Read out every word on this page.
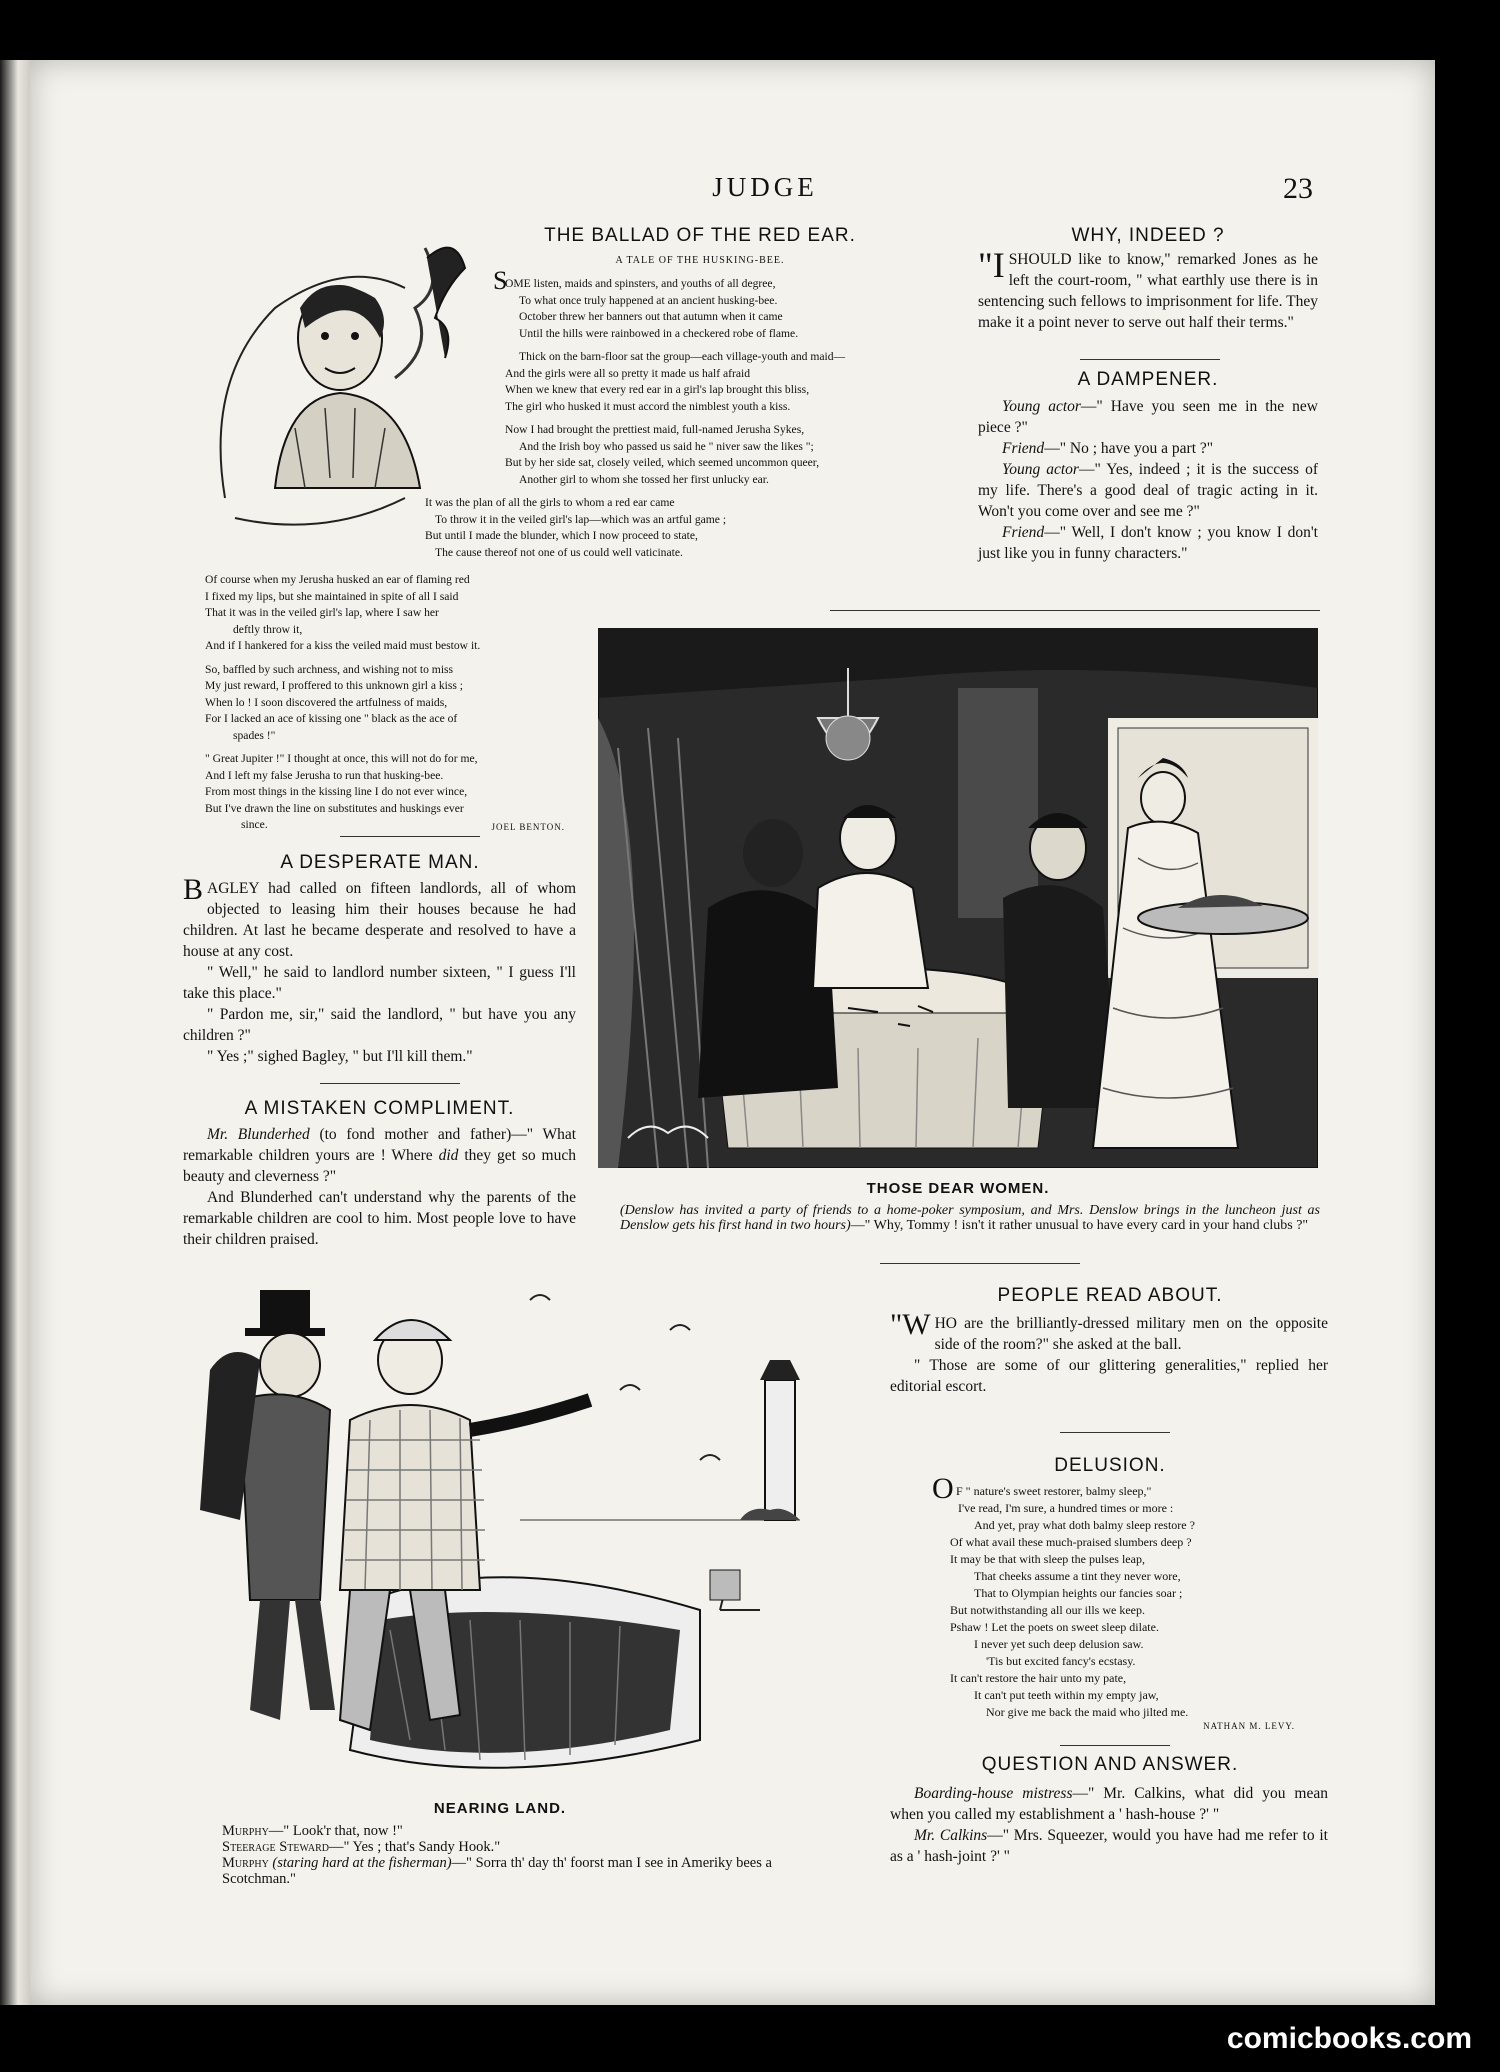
JUDGE	23
THE BALLAD OF THE RED EAR.
A TALE OF THE HUSKING-BEE.
S
OME listen, maids and spinsters, and youths of all degree,
To what once truly happened at an ancient husking-bee.
October threw her banners out that autumn when it came
Until the hills were rainbowed in a checkered robe of flame.
Thick on the barn-floor sat the group—each village-youth and maid—
And the girls were all so pretty it made us half afraid
When we knew that every red ear in a girl's lap brought this bliss,
The girl who husked it must accord the nimblest youth a kiss.
Now I had brought the prettiest maid, full-named Jerusha Sykes,
And the Irish boy who passed us said he " niver saw the likes ";
But by her side sat, closely veiled, which seemed uncommon queer,
Another girl to whom she tossed her first unlucky ear.
It was the plan of all the girls to whom a red ear came
To throw it in the veiled girl's lap—which was an artful game ;
But until I made the blunder, which I now proceed to state,
The cause thereof not one of us could well vaticinate.
Of course when my Jerusha husked an ear of flaming red
I fixed my lips, but she maintained in spite of all I said
That it was in the veiled girl's lap, where I saw her
deftly throw it,
And if I hankered for a kiss the veiled maid must bestow it.
So, baffled by such archness, and wishing not to miss
My just reward, I proffered to this unknown girl a kiss ;
When lo ! I soon discovered the artfulness of maids,
For I lacked an ace of kissing one " black as the ace of
spades !"
" Great Jupiter !" I thought at once, this will not do for me,
And I left my false Jerusha to run that husking-bee.
From most things in the kissing line I do not ever wince,
But I've drawn the line on substitutes and huskings ever
since.	JOEL BENTON.
WHY, INDEED ?

"ISHOULD like to know," remarked Jones as he left the court-room, " what earthly use there is in sentencing such fellows to imprisonment for life. They make it a point never to serve out half their terms."

A DAMPENER.

Young actor—" Have you seen me in the new piece ?"

Friend—" No ; have you a part ?"

Young actor—" Yes, indeed ; it is the success of my life. There's a good deal of tragic acting in it. Won't you come over and see me ?"

Friend—" Well, I don't know ; you know I don't just like you in funny characters."

THOSE DEAR WOMEN.
(Denslow has invited a party of friends to a home-poker symposium, and Mrs. Denslow brings in the luncheon just as Denslow gets his first hand in two hours)—" Why, Tommy ! isn't it rather unusual to have every card in your hand clubs ?"
A DESPERATE MAN.

BAGLEY had called on fifteen landlords, all of whom objected to leasing him their houses because he had children. At last he became desperate and resolved to have a house at any cost.

" Well," he said to landlord number sixteen, " I guess I'll take this place."

" Pardon me, sir," said the landlord, " but have you any children ?"

" Yes ;" sighed Bagley, " but I'll kill them."

A MISTAKEN COMPLIMENT.

Mr. Blunderhed (to fond mother and father)—" What remarkable children yours are ! Where did they get so much beauty and cleverness ?"

And Blunderhed can't understand why the parents of the remarkable children are cool to him. Most people love to have their children praised.

NEARING LAND.
Murphy—" Look'r that, now !"
Steerage Steward—" Yes ; that's Sandy Hook."
Murphy (staring hard at the fisherman)—" Sorra th' day th' foorst man I see in Ameriky bees a Scotchman."
PEOPLE READ ABOUT.

"WHO are the brilliantly-dressed military men on the opposite side of the room?" she asked at the ball.

" Those are some of our glittering generalities," replied her editorial escort.

DELUSION.
O F " nature's sweet restorer, balmy sleep,"
I've read, I'm sure, a hundred times or more :
And yet, pray what doth balmy sleep restore ?
Of what avail these much-praised slumbers deep ?
It may be that with sleep the pulses leap,
That cheeks assume a tint they never wore,
That to Olympian heights our fancies soar ;
But notwithstanding all our ills we keep.
Pshaw ! Let the poets on sweet sleep dilate.
I never yet such deep delusion saw.
'Tis but excited fancy's ecstasy.
It can't restore the hair unto my pate,
It can't put teeth within my empty jaw,
Nor give me back the maid who jilted me.
NATHAN M. LEVY.
QUESTION AND ANSWER.

Boarding-house mistress—" Mr. Calkins, what did you mean when you called my establishment a ' hash-house ?' "

Mr. Calkins—" Mrs. Squeezer, would you have had me refer to it as a ' hash-joint ?' "

comicbooks.com
